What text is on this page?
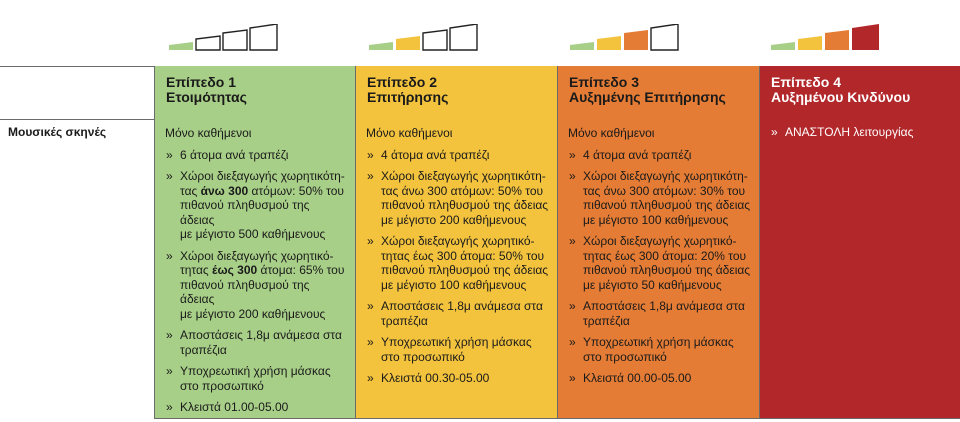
Μουσικές σκηνές
Επίπεδο 1
Ετοιμότητας
Μόνο καθήμενοι
» 6 άτομα ανά τραπέζι
» Χώροι διεξαγωγής χωρητικότη-
τας άνω 300 ατόμων: 50% του
πιθανού πληθυσμού της άδειας
με μέγιστο 500 καθήμενους
» Χώροι διεξαγωγής χωρητικό-
τητας έως 300 άτομα: 65% του
πιθανού πληθυσμού της άδειας
με μέγιστο 200 καθήμενους
» Αποστάσεις 1,8μ ανάμεσα στα
τραπέζια
» Υποχρεωτική χρήση μάσκας
στο προσωπικό
» Κλειστά 01.00-05.00
Επίπεδο 2
Επιτήρησης
Μόνο καθήμενοι
» 4 άτομα ανά τραπέζι
» Χώροι διεξαγωγής χωρητικότη-
τας άνω 300 ατόμων: 50% του
πιθανού πληθυσμού της άδειας
με μέγιστο 200 καθήμενους
» Χώροι διεξαγωγής χωρητικό-
τητας έως 300 άτομα: 50% του
πιθανού πληθυσμού της άδειας
με μέγιστο 100 καθήμενους
» Αποστάσεις 1,8μ ανάμεσα στα
τραπέζια
» Υποχρεωτική χρήση μάσκας
στο προσωπικό
» Κλειστά 00.30-05.00
Επίπεδο 3
Αυξημένης Επιτήρησης
Μόνο καθήμενοι
» 4 άτομα ανά τραπέζι
» Χώροι διεξαγωγής χωρητικότη-
τας άνω 300 ατόμων: 30% του
πιθανού πληθυσμού της άδειας
με μέγιστο 100 καθήμενους
» Χώροι διεξαγωγής χωρητικό-
τητας έως 300 άτομα: 20% του
πιθανού πληθυσμού της άδειας
με μέγιστο 50 καθήμενους
» Αποστάσεις 1,8μ ανάμεσα στα
τραπέζια
» Υποχρεωτική χρήση μάσκας
στο προσωπικό
» Κλειστά 00.00-05.00
Επίπεδο 4
Αυξημένου Κινδύνου
» ΑΝΑΣΤΟΛΗ λειτουργίας
